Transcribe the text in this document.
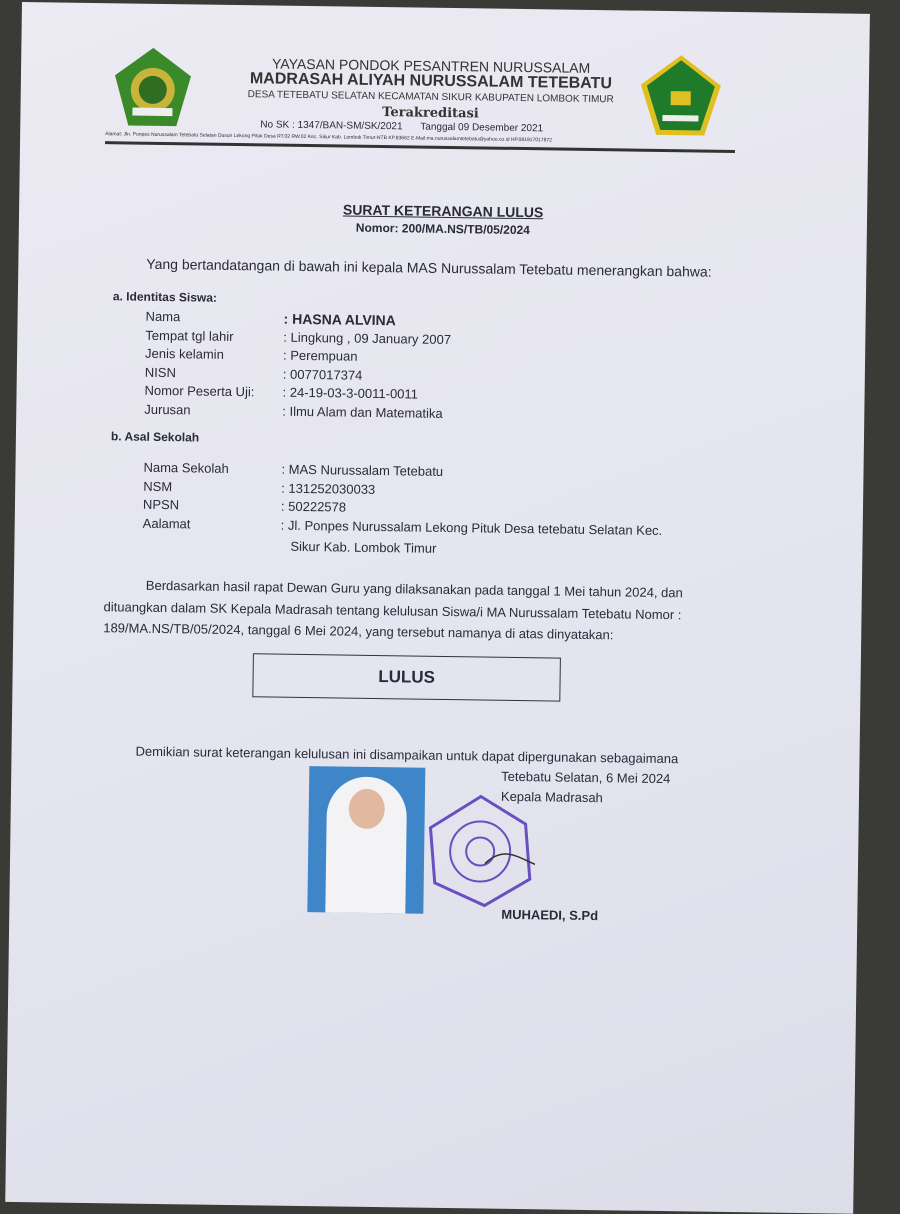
YAYASAN PONDOK PESANTREN NURUSSALAM
MADRASAH ALIYAH NURUSSALAM TETEBATU
DESA TETEBATU SELATAN KECAMATAN SIKUR KABUPATEN LOMBOK TIMUR
Terakreditasi
No SK : 1347/BAN-SM/SK/2021 Tanggal 09 Desember 2021
Alamat: Jln. Ponpes Nurussalam Tetebatu Selatan Dusun Lekong Pituk Desa RT.02 RW.02 Kec. Sikur Kab. Lombok Timur-NTB KP.83662 E-Mail:ma.nurussalamtetebatu@yahoo.co.id HP.081917017872
SURAT KETERANGAN LULUS
Nomor: 200/MA.NS/TB/05/2024
Yang bertandatangan di bawah ini kepala MAS Nurussalam Tetebatu menerangkan bahwa:
a. Identitas Siswa:
Nama	: HASNA ALVINA
Tempat tgl lahir	: Lingkung , 09 January 2007
Jenis kelamin	: Perempuan
NISN	: 0077017374
Nomor Peserta Uji: : 24-19-03-3-0011-0011
Jurusan	: Ilmu Alam dan Matematika
b. Asal Sekolah
Nama Sekolah	: MAS Nurussalam Tetebatu
NSM	: 131252030033
NPSN	: 50222578
Aalamat	: Jl. Ponpes Nurussalam Lekong Pituk Desa tetebatu Selatan Kec.
Sikur Kab. Lombok Timur
Berdasarkan hasil rapat Dewan Guru yang dilaksanakan pada tanggal 1 Mei tahun 2024, dan
dituangkan dalam SK Kepala Madrasah tentang kelulusan Siswa/i MA Nurussalam Tetebatu Nomor :
189/MA.NS/TB/05/2024, tanggal 6 Mei 2024, yang tersebut namanya di atas dinyatakan:
LULUS
Demikian surat keterangan kelulusan ini disampaikan untuk dapat dipergunakan sebagaimana
Tetebatu Selatan, 6 Mei 2024
Kepala Madrasah
MUHAEDI, S.Pd
